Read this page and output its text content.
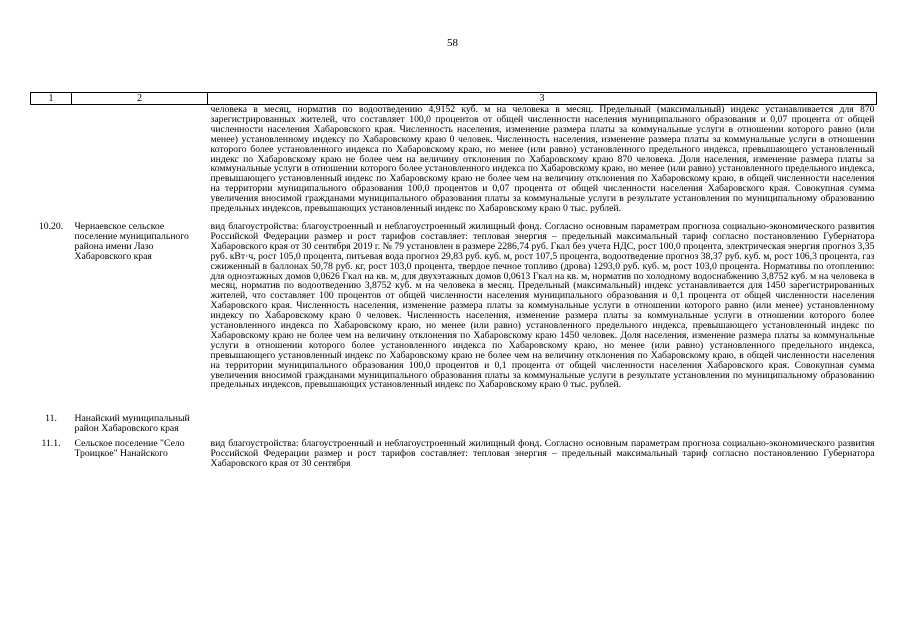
58
1	2	3
		человека в месяц, норматив по водоотведению 4,9152 куб. м на человека в месяц. Предельный (максимальный) индекс устанавливается для 870 зарегистрированных жителей, что составляет 100,0 процентов от общей численности населения муниципального образования и 0,07 процента от общей численности населения Хабаровского края. Численность населения, изменение размера платы за коммунальные услуги в отношении которого равно (или менее) установленному индексу по Хабаровскому краю 0 человек. Численность населения, изменение размера платы за коммунальные услуги в отношении которого более установленного индекса по Хабаровскому краю, но менее (или равно) установленного предельного индекса, превышающего установленный индекс по Хабаровскому краю не более чем на величину отклонения по Хабаровскому краю 870 человека. Доля населения, изменение размера платы за коммунальные услуги в отношении которого более установленного индекса по Хабаровскому краю, но менее (или равно) установленного предельного индекса, превышающего установленный индекс по Хабаровскому краю не более чем на величину отклонения по Хабаровскому краю, в общей численности населения на территории муниципального образования 100,0 процентов и 0,07 процента от общей численности населения Хабаровского края. Совокупная сумма увеличения вносимой гражданами муниципального образования платы за коммунальные услуги в результате установления по муниципальному образованию предельных индексов, превышающих установленный индекс по Хабаровскому краю 0 тыс. рублей.
10.20.	Чернаевское сельское поселение муниципального района имени Лазо Хабаровского края	вид благоустройства: благоустроенный и неблагоустроенный жилищный фонд. Согласно основным параметрам прогноза социально-экономического развития Российской Федерации размер и рост тарифов составляет: тепловая энергия – предельный максимальный тариф согласно постановлению Губернатора Хабаровского края от 30 сентября 2019 г. № 79 установлен в размере 2286,74 руб. Гкал без учета НДС, рост 100,0 процента, электрическая энергия прогноз 3,35 руб. кВт·ч, рост 105,0 процента, питьевая вода прогноз 29,83 руб. куб. м, рост 107,5 процента, водоотведение прогноз 38,37 руб. куб. м, рост 106,3 процента, газ сжиженный в баллонах 50,78 руб. кг, рост 103,0 процента, твердое печное топливо (дрова) 1293,0 руб. куб. м, рост 103,0 процента. Нормативы по отоплению: для одноэтажных домов 0,0626 Гкал на кв. м, для двухэтажных домов 0,0613 Гкал на кв. м, норматив по холодному водоснабжению 3,8752 куб. м на человека в месяц, норматив по водоотведению 3,8752 куб. м на человека в месяц. Предельный (максимальный) индекс устанавливается для 1450 зарегистрированных жителей, что составляет 100 процентов от общей численности населения муниципального образования и 0,1 процента от общей численности населения Хабаровского края. Численность населения, изменение размера платы за коммунальные услуги в отношении которого равно (или менее) установленному индексу по Хабаровскому краю 0 человек. Численность населения, изменение размера платы за коммунальные услуги в отношении которого более установленного индекса по Хабаровскому краю, но менее (или равно) установленного предельного индекса, превышающего установленный индекс по Хабаровскому краю не более чем на величину отклонения по Хабаровскому краю 1450 человек. Доля населения, изменение размера платы за коммунальные услуги в отношении которого более установленного индекса по Хабаровскому краю, но менее (или равно) установленного предельного индекса, превышающего установленный индекс по Хабаровскому краю не более чем на величину отклонения по Хабаровскому краю, в общей численности населения на территории муниципального образования 100,0 процентов и 0,1 процента от общей численности населения Хабаровского края. Совокупная сумма увеличения вносимой гражданами муниципального образования платы за коммунальные услуги в результате установления по муниципальному образованию предельных индексов, превышающих установленный индекс по Хабаровскому краю 0 тыс. рублей.
11.	Нанайский муниципальный район Хабаровского края	
11.1.	Сельское поселение "Село Троицкое" Нанайского	вид благоустройства: благоустроенный и неблагоустроенный жилищный фонд. Согласно основным параметрам прогноза социально-экономического развития Российской Федерации размер и рост тарифов составляет: тепловая энергия – предельный максимальный тариф согласно постановлению Губернатора Хабаровского края от 30 сентября
